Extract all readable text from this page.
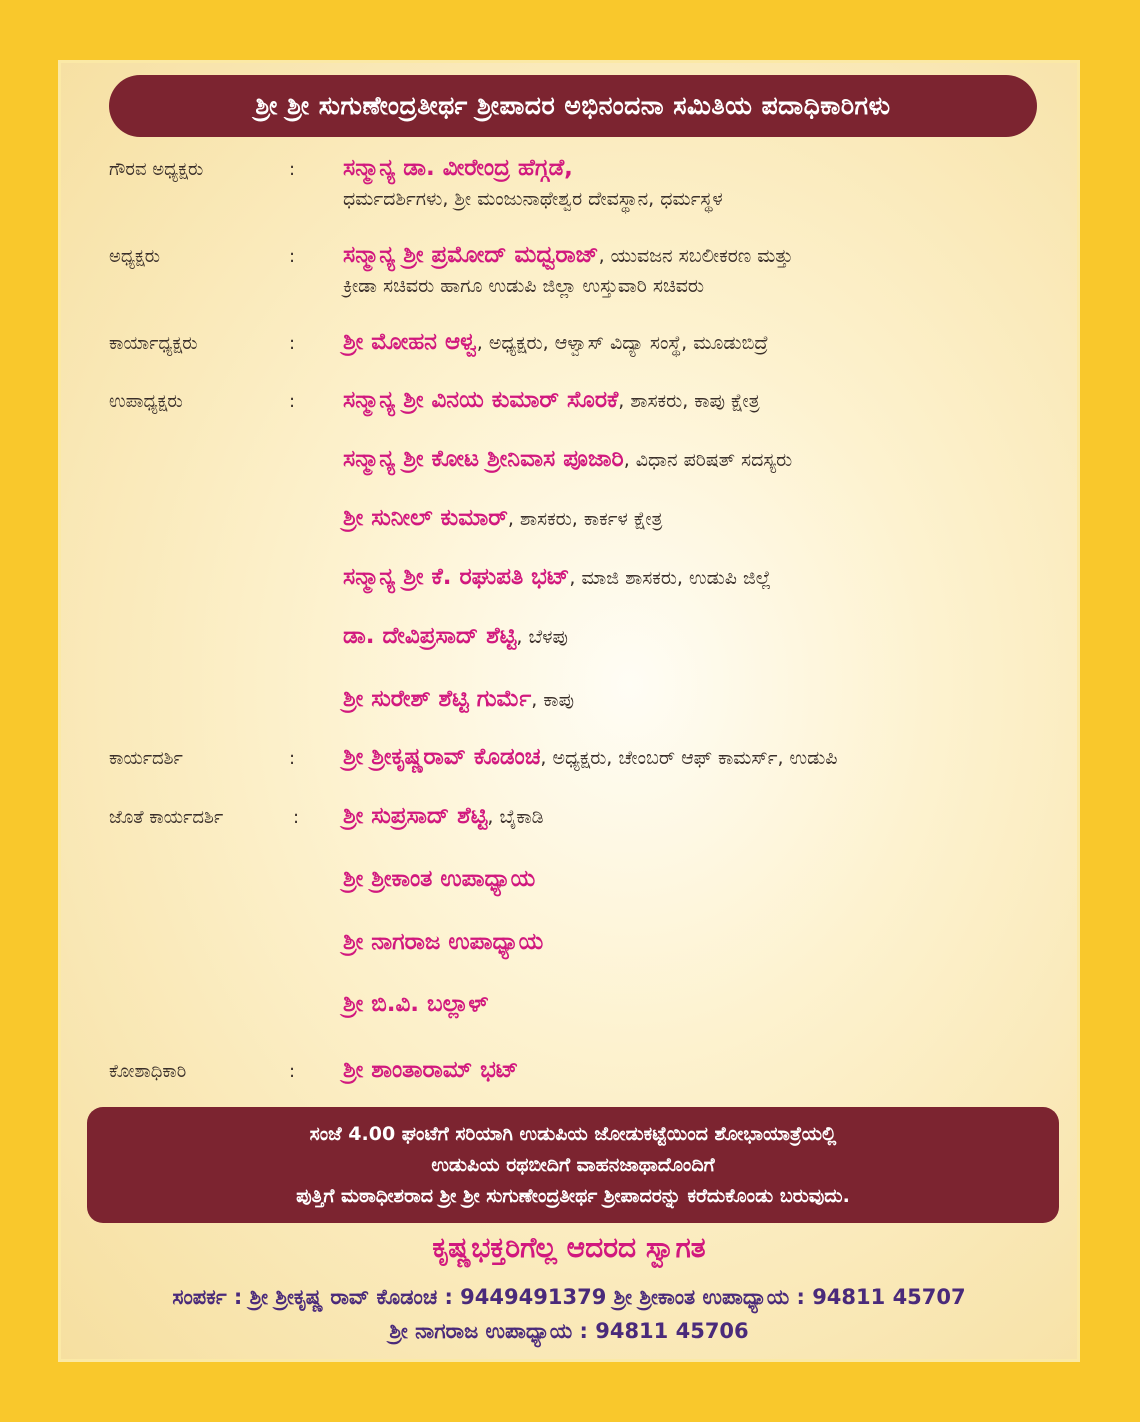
ಶ್ರೀ ಶ್ರೀ ಸುಗುಣೇಂದ್ರತೀರ್ಥ ಶ್ರೀಪಾದರ ಅಭಿನಂದನಾ ಸಮಿತಿಯ ಪದಾಧಿಕಾರಿಗಳು
ಗೌರವ ಅಧ್ಯಕ್ಷರು	: ಸನ್ಮಾನ್ಯ ಡಾ. ವೀರೇಂದ್ರ ಹೆಗ್ಗಡೆ,
ಧರ್ಮದರ್ಶಿಗಳು, ಶ್ರೀ ಮಂಜುನಾಥೇಶ್ವರ ದೇವಸ್ಥಾನ, ಧರ್ಮಸ್ಥಳ
ಅಧ್ಯಕ್ಷರು	: ಸನ್ಮಾನ್ಯ ಶ್ರೀ ಪ್ರಮೋದ್ ಮಧ್ವರಾಜ್, ಯುವಜನ ಸಬಲೀಕರಣ ಮತ್ತು
ಕ್ರೀಡಾ ಸಚಿವರು ಹಾಗೂ ಉಡುಪಿ ಜಿಲ್ಲಾ ಉಸ್ತುವಾರಿ ಸಚಿವರು
ಕಾರ್ಯಾಧ್ಯಕ್ಷರು	: ಶ್ರೀ ಮೋಹನ ಆಳ್ವ, ಅಧ್ಯಕ್ಷರು, ಆಳ್ವಾಸ್ ವಿದ್ಯಾ ಸಂಸ್ಥೆ, ಮೂಡುಬಿದ್ರೆ
ಉಪಾಧ್ಯಕ್ಷರು	: ಸನ್ಮಾನ್ಯ ಶ್ರೀ ವಿನಯ ಕುಮಾರ್ ಸೊರಕೆ, ಶಾಸಕರು, ಕಾಪು ಕ್ಷೇತ್ರ
ಸನ್ಮಾನ್ಯ ಶ್ರೀ ಕೋಟ ಶ್ರೀನಿವಾಸ ಪೂಜಾರಿ, ವಿಧಾನ ಪರಿಷತ್ ಸದಸ್ಯರು
ಶ್ರೀ ಸುನೀಲ್ ಕುಮಾರ್, ಶಾಸಕರು, ಕಾರ್ಕಳ ಕ್ಷೇತ್ರ
ಸನ್ಮಾನ್ಯ ಶ್ರೀ ಕೆ. ರಘುಪತಿ ಭಟ್, ಮಾಜಿ ಶಾಸಕರು, ಉಡುಪಿ ಜಿಲ್ಲೆ
ಡಾ. ದೇವಿಪ್ರಸಾದ್ ಶೆಟ್ಟಿ, ಬೆಳಪು
ಶ್ರೀ ಸುರೇಶ್ ಶೆಟ್ಟಿ ಗುರ್ಮೆ, ಕಾಪು
ಕಾರ್ಯದರ್ಶಿ	: ಶ್ರೀ ಶ್ರೀಕೃಷ್ಣರಾವ್ ಕೊಡಂಚ, ಅಧ್ಯಕ್ಷರು, ಚೇಂಬರ್ ಆಫ್ ಕಾಮರ್ಸ್, ಉಡುಪಿ
ಜೊತೆ ಕಾರ್ಯದರ್ಶಿ	: ಶ್ರೀ ಸುಪ್ರಸಾದ್ ಶೆಟ್ಟಿ, ಬೈಕಾಡಿ
ಶ್ರೀ ಶ್ರೀಕಾಂತ ಉಪಾಧ್ಯಾಯ
ಶ್ರೀ ನಾಗರಾಜ ಉಪಾಧ್ಯಾಯ
ಶ್ರೀ ಬಿ.ವಿ. ಬಲ್ಲಾಳ್
ಕೋಶಾಧಿಕಾರಿ	: ಶ್ರೀ ಶಾಂತಾರಾಮ್ ಭಟ್
ಸಂಜೆ 4.00 ಘಂಟೆಗೆ ಸರಿಯಾಗಿ ಉಡುಪಿಯ ಜೋಡುಕಟ್ಟೆಯಿಂದ ಶೋಭಾಯಾತ್ರೆಯಲ್ಲಿ
ಉಡುಪಿಯ ರಥಬೀದಿಗೆ ವಾಹನಜಾಥಾದೊಂದಿಗೆ
ಪುತ್ತಿಗೆ ಮಠಾಧೀಶರಾದ ಶ್ರೀ ಶ್ರೀ ಸುಗುಣೇಂದ್ರತೀರ್ಥ ಶ್ರೀಪಾದರನ್ನು ಕರೆದುಕೊಂಡು ಬರುವುದು.
ಕೃಷ್ಣಭಕ್ತರಿಗೆಲ್ಲ ಆದರದ ಸ್ವಾಗತ
ಸಂಪರ್ಕ : ಶ್ರೀ ಶ್ರೀಕೃಷ್ಣ ರಾವ್ ಕೊಡಂಚ : 9449491379 ಶ್ರೀ ಶ್ರೀಕಾಂತ ಉಪಾಧ್ಯಾಯ : 94811 45707
ಶ್ರೀ ನಾಗರಾಜ ಉಪಾಧ್ಯಾಯ : 94811 45706
